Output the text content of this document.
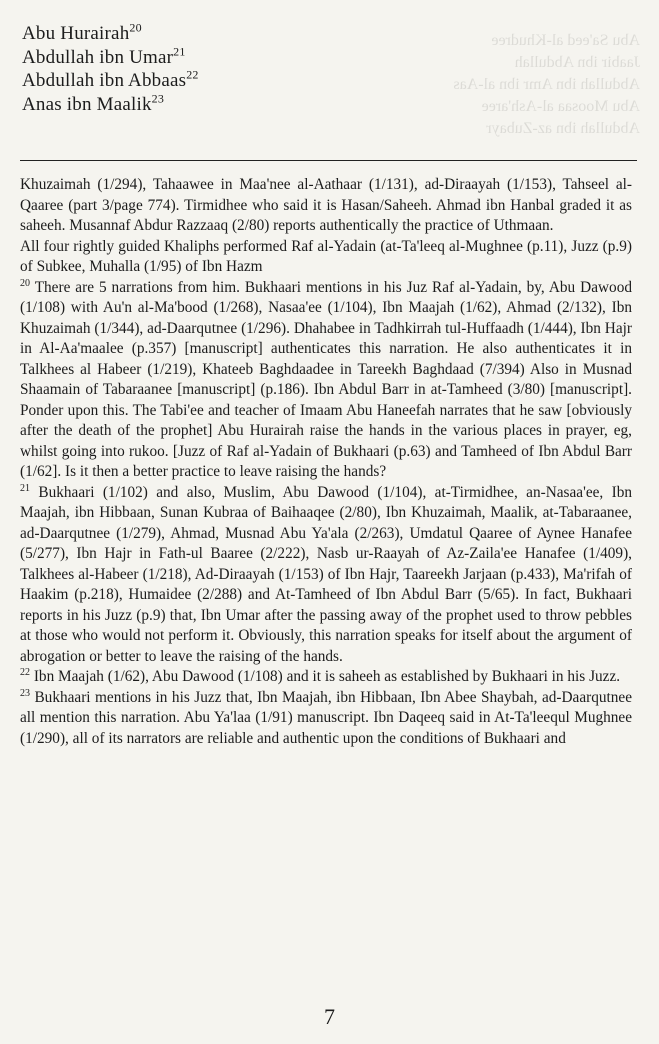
Abu Sa'eed al-Khudree
Jaabir ibn Abdullah
Abdullah ibn Amr ibn al-Aas
Abu Moosaa al-Ash'aree
Abdullah ibn az-Zubayr
Abu Hurairah$^{20}$
Abdullah ibn Umar$^{21}$
Abdullah ibn Abbaas$^{22}$
Anas ibn Maalik$^{23}$

Khuzaimah (1/294), Tahaawee in Maa'nee al-Aathaar (1/131), ad-Diraayah (1/153), Tahseel al-Qaaree (part 3/page 774). Tirmidhee who said it is Hasan/Saheeh. Ahmad ibn Hanbal graded it as saheeh. Musannaf Abdur Razzaaq (2/80) reports authentically the practice of Uthmaan.

All four rightly guided Khaliphs performed Raf al-Yadain (at-Ta'leeq al-Mughnee (p.11), Juzz (p.9) of Subkee, Muhalla (1/95) of Ibn Hazm

$^{20}$ There are 5 narrations from him. Bukhaari mentions in his Juz Raf al-Yadain, by, Abu Dawood (1/108) with Au'n al-Ma'bood (1/268), Nasaa'ee (1/104), Ibn Maajah (1/62), Ahmad (2/132), Ibn Khuzaimah (1/344), ad-Daarqutnee (1/296). Dhahabee in Tadhkirrah tul-Huffaadh (1/444), Ibn Hajr in Al-Aa'maalee (p.357) [manuscript] authenticates this narration. He also authenticates it in Talkhees al Habeer (1/219), Khateeb Baghdaadee in Tareekh Baghdaad (7/394) Also in Musnad Shaamain of Tabaraanee [manuscript] (p.186). Ibn Abdul Barr in at-Tamheed (3/80) [manuscript]. Ponder upon this. The Tabi'ee and teacher of Imaam Abu Haneefah narrates that he saw [obviously after the death of the prophet] Abu Hurairah raise the hands in the various places in prayer, eg, whilst going into rukoo. [Juzz of Raf al-Yadain of Bukhaari (p.63) and Tamheed of Ibn Abdul Barr (1/62]. Is it then a better practice to leave raising the hands?

$^{21}$ Bukhaari (1/102) and also, Muslim, Abu Dawood (1/104), at-Tirmidhee, an-Nasaa'ee, Ibn Maajah, ibn Hibbaan, Sunan Kubraa of Baihaaqee (2/80), Ibn Khuzaimah, Maalik, at-Tabaraanee, ad-Daarqutnee (1/279), Ahmad, Musnad Abu Ya'ala (2/263), Umdatul Qaaree of Aynee Hanafee (5/277), Ibn Hajr in Fath-ul Baaree (2/222), Nasb ur-Raayah of Az-Zaila'ee Hanafee (1/409), Talkhees al-Habeer (1/218), Ad-Diraayah (1/153) of Ibn Hajr, Taareekh Jarjaan (p.433), Ma'rifah of Haakim (p.218), Humaidee (2/288) and At-Tamheed of Ibn Abdul Barr (5/65). In fact, Bukhaari reports in his Juzz (p.9) that, Ibn Umar after the passing away of the prophet used to throw pebbles at those who would not perform it. Obviously, this narration speaks for itself about the argument of abrogation or better to leave the raising of the hands.

$^{22}$ Ibn Maajah (1/62), Abu Dawood (1/108) and it is saheeh as established by Bukhaari in his Juzz.

$^{23}$ Bukhaari mentions in his Juzz that, Ibn Maajah, ibn Hibbaan, Ibn Abee Shaybah, ad-Daarqutnee all mention this narration. Abu Ya'laa (1/91) manuscript. Ibn Daqeeq said in At-Ta'leequl Mughnee (1/290), all of its narrators are reliable and authentic upon the conditions of Bukhaari and

7
